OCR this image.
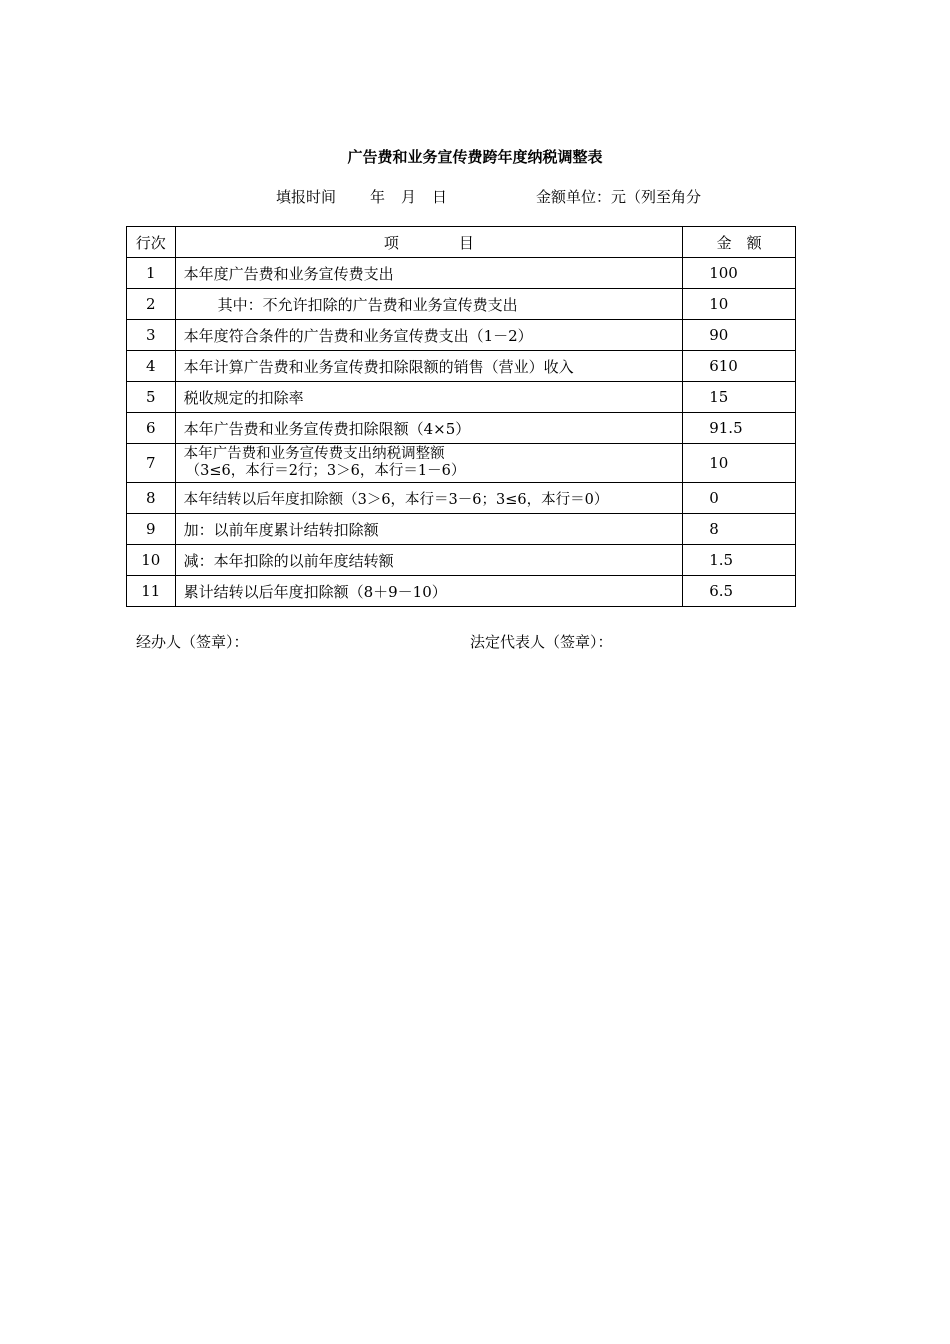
广告费和业务宣传费跨年度纳税调整表
填报时间 年 月 日	金额单位：元（列至角分
行次	项　　　　目	金　额
1	本年度广告费和业务宣传费支出	100
2	其中：不允许扣除的广告费和业务宣传费支出	10
3	本年度符合条件的广告费和业务宣传费支出（1－2）	90
4	本年计算广告费和业务宣传费扣除限额的销售（营业）收入	610
5	税收规定的扣除率	15
6	本年广告费和业务宣传费扣除限额（4×5）	91.5
7	本年广告费和业务宣传费支出纳税调整额
（3≤6，本行＝2行；3＞6，本行＝1－6）	10
8	本年结转以后年度扣除额（3＞6，本行＝3－6；3≤6，本行＝0）	0
9	加：以前年度累计结转扣除额	8
10	减：本年扣除的以前年度结转额	1.5
11	累计结转以后年度扣除额（8＋9－10）	6.5
经办人（签章）：	法定代表人（签章）：
